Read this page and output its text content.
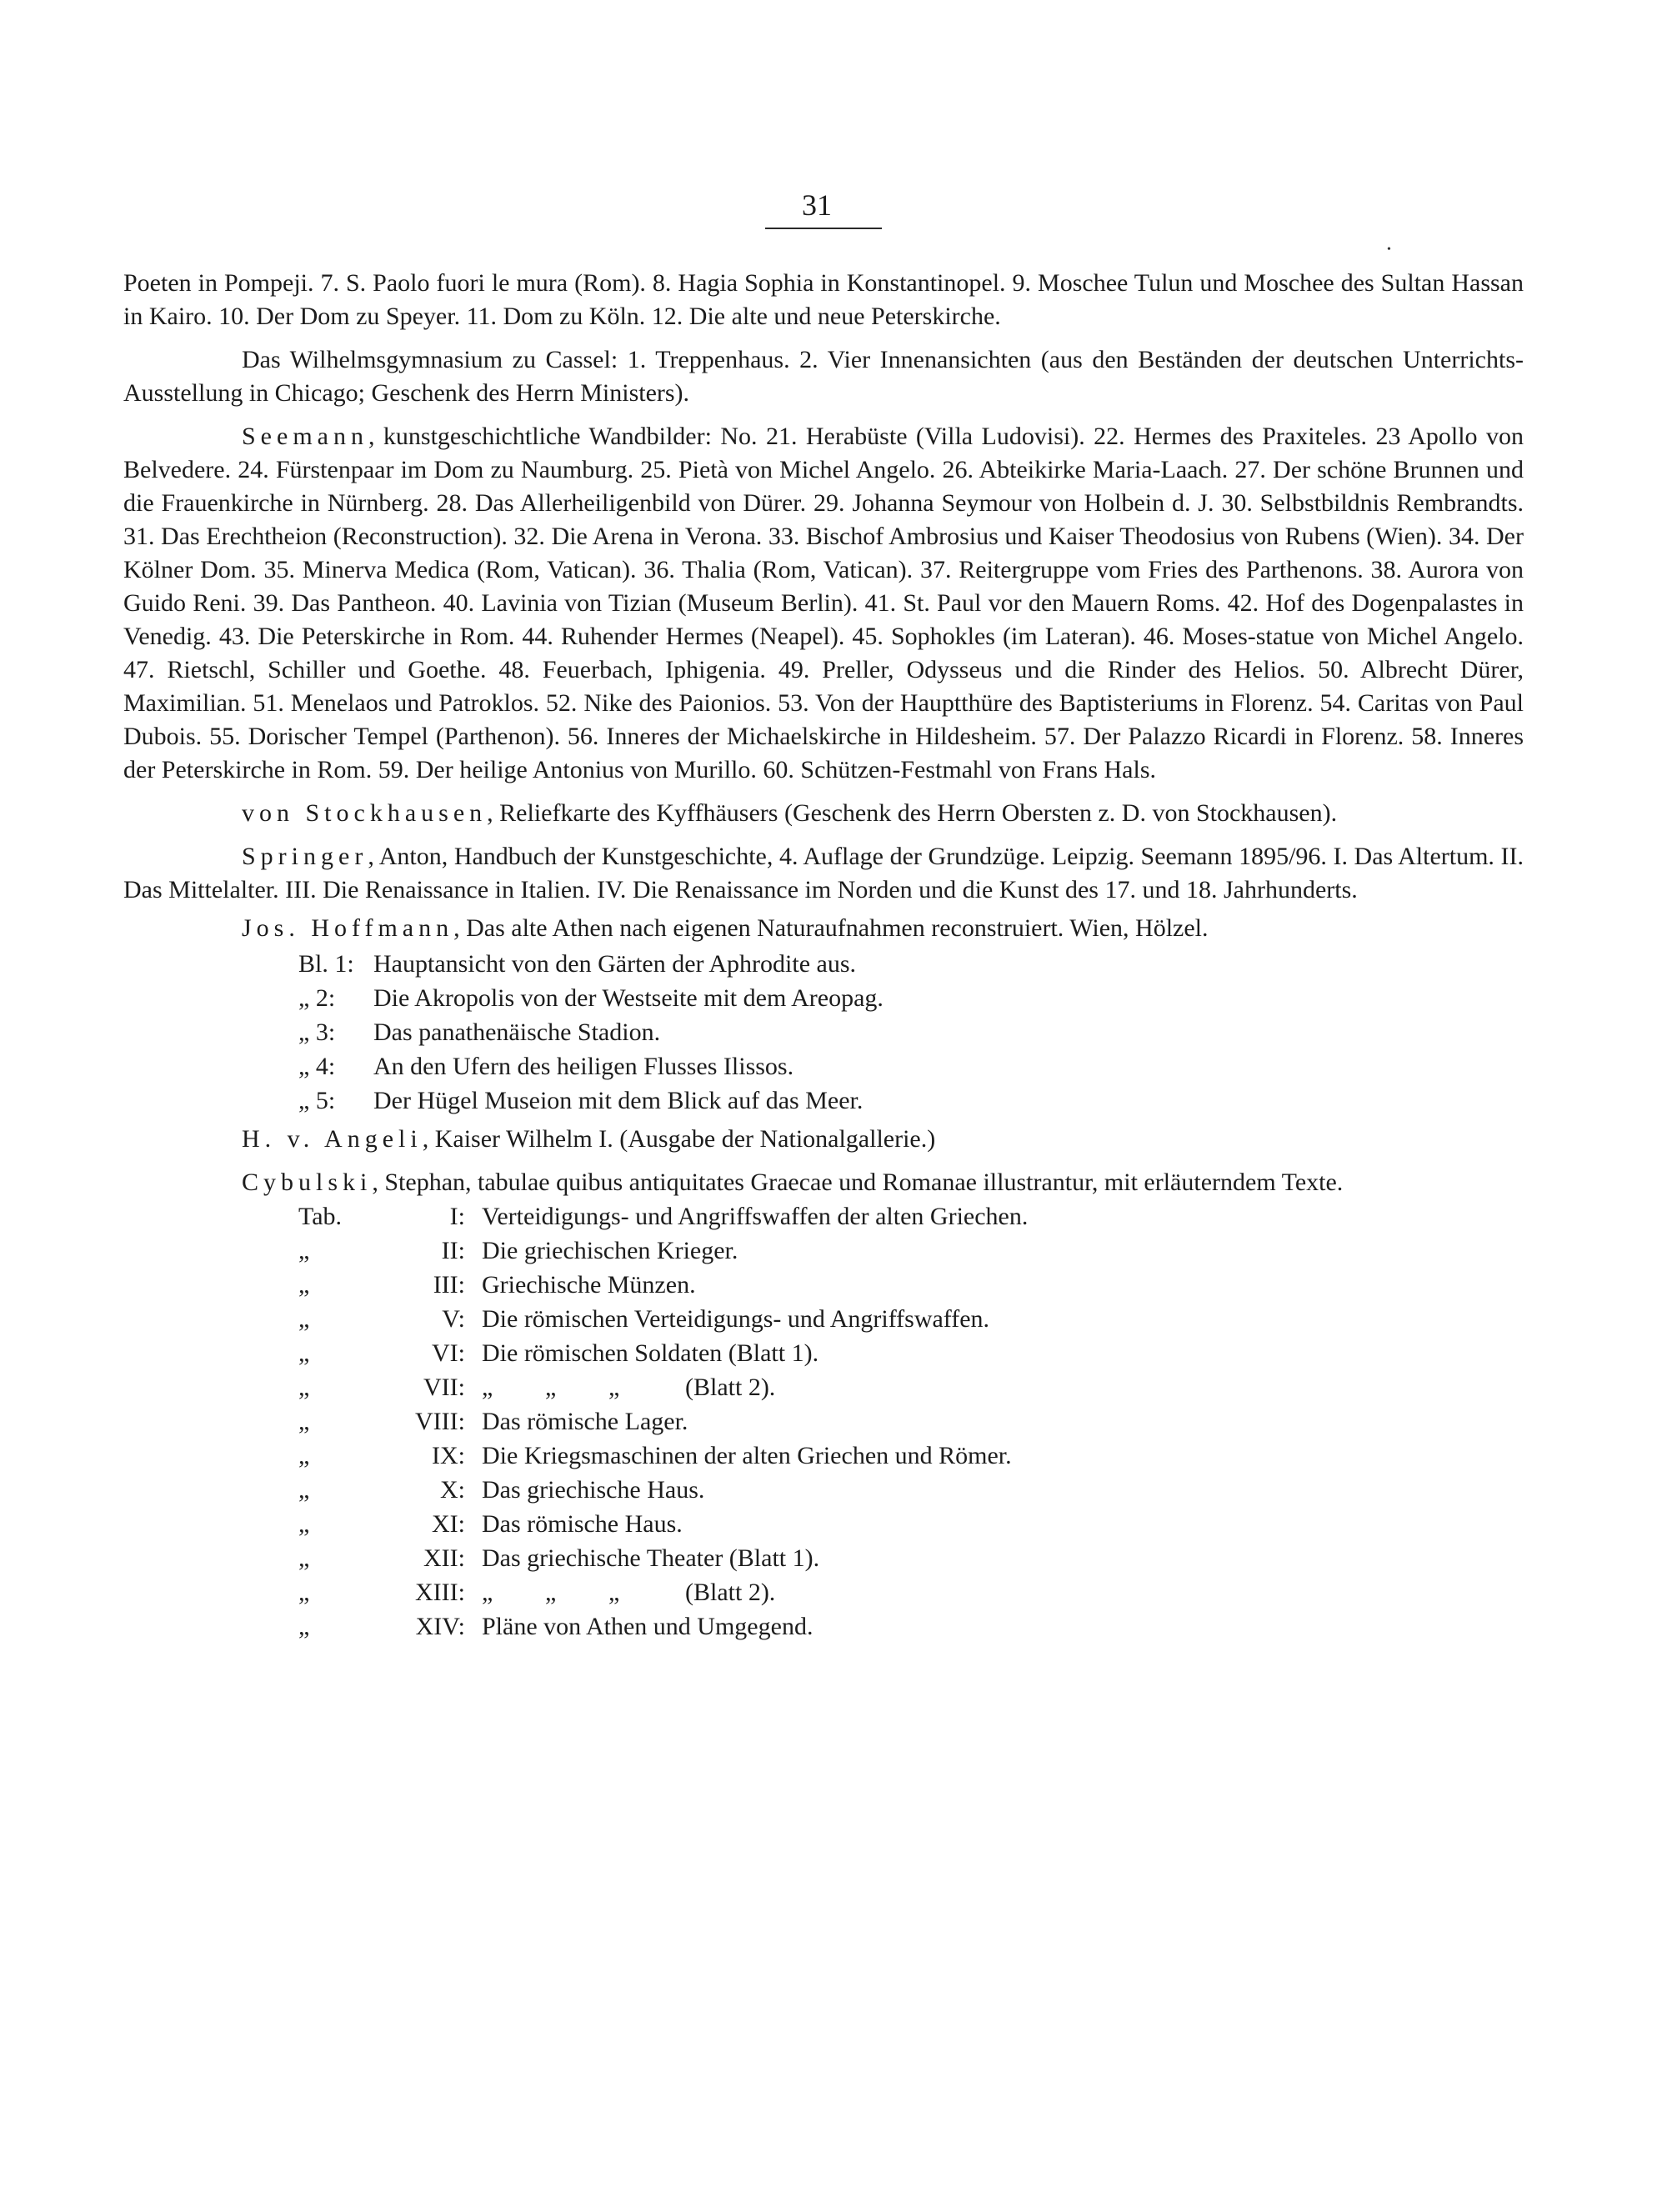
31
•

Poeten in Pompeji. 7. S. Paolo fuori le mura (Rom). 8. Hagia Sophia in Konstantinopel. 9. Moschee Tulun und Moschee des Sultan Hassan in Kairo. 10. Der Dom zu Speyer. 11. Dom zu Köln. 12. Die alte und neue Peterskirche.

Das Wilhelmsgymnasium zu Cassel: 1. Treppenhaus. 2. Vier Innenansichten (aus den Beständen der deutschen Unterrichts-Ausstellung in Chicago; Geschenk des Herrn Ministers).

Seemann, kunstgeschichtliche Wandbilder: No. 21. Herabüste (Villa Ludovisi). 22. Hermes des Praxiteles. 23 Apollo von Belvedere. 24. Fürstenpaar im Dom zu Naumburg. 25. Pietà von Michel Angelo. 26. Abteikirke Maria-Laach. 27. Der schöne Brunnen und die Frauenkirche in Nürnberg. 28. Das Allerheiligenbild von Dürer. 29. Johanna Seymour von Holbein d. J. 30. Selbstbildnis Rembrandts. 31. Das Erechtheion (Reconstruction). 32. Die Arena in Verona. 33. Bischof Ambrosius und Kaiser Theodosius von Rubens (Wien). 34. Der Kölner Dom. 35. Minerva Medica (Rom, Vatican). 36. Thalia (Rom, Vatican). 37. Reitergruppe vom Fries des Parthenons. 38. Aurora von Guido Reni. 39. Das Pantheon. 40. Lavinia von Tizian (Museum Berlin). 41. St. Paul vor den Mauern Roms. 42. Hof des Dogenpalastes in Venedig. 43. Die Peterskirche in Rom. 44. Ruhender Hermes (Neapel). 45. Sophokles (im Lateran). 46. Moses-statue von Michel Angelo. 47. Rietschl, Schiller und Goethe. 48. Feuerbach, Iphigenia. 49. Preller, Odysseus und die Rinder des Helios. 50. Albrecht Dürer, Maximilian. 51. Menelaos und Patroklos. 52. Nike des Paionios. 53. Von der Hauptthüre des Baptisteriums in Florenz. 54. Caritas von Paul Dubois. 55. Dorischer Tempel (Parthenon). 56. Inneres der Michaelskirche in Hildesheim. 57. Der Palazzo Ricardi in Florenz. 58. Inneres der Peterskirche in Rom. 59. Der heilige Antonius von Murillo. 60. Schützen-Festmahl von Frans Hals.

von Stockhausen, Reliefkarte des Kyffhäusers (Geschenk des Herrn Obersten z. D. von Stockhausen).

Springer, Anton, Handbuch der Kunstgeschichte, 4. Auflage der Grundzüge. Leipzig. Seemann 1895/96. I. Das Altertum. II. Das Mittelalter. III. Die Renaissance in Italien. IV. Die Renaissance im Norden und die Kunst des 17. und 18. Jahrhunderts.

Jos. Hoffmann, Das alte Athen nach eigenen Naturaufnahmen reconstruiert. Wien, Hölzel.

Bl. 1: Hauptansicht von den Gärten der Aphrodite aus.
„ 2:	Die Akropolis von der Westseite mit dem Areopag.
„ 3:	Das panathenäische Stadion.
„ 4:	An den Ufern des heiligen Flusses Ilissos.
„ 5:	Der Hügel Museion mit dem Blick auf das Meer.

H. v. Angeli, Kaiser Wilhelm I. (Ausgabe der Nationalgallerie.)

Cybulski, Stephan, tabulae quibus antiquitates Graecae und Romanae illustrantur, mit erläuterndem Texte.

Tab.	I: Verteidigungs- und Angriffswaffen der alten Griechen.
„	II: Die griechischen Krieger.
„	III: Griechische Münzen.
„	V: Die römischen Verteidigungs- und Angriffswaffen.
„	VI: Die römischen Soldaten (Blatt 1).
„	VII: „ „ „	(Blatt 2).
„	VIII: Das römische Lager.
„	IX: Die Kriegsmaschinen der alten Griechen und Römer.
„	X: Das griechische Haus.
„	XI: Das römische Haus.
„	XII: Das griechische Theater (Blatt 1).
„	XIII: „ „ „	(Blatt 2).
„	XIV: Pläne von Athen und Umgegend.
